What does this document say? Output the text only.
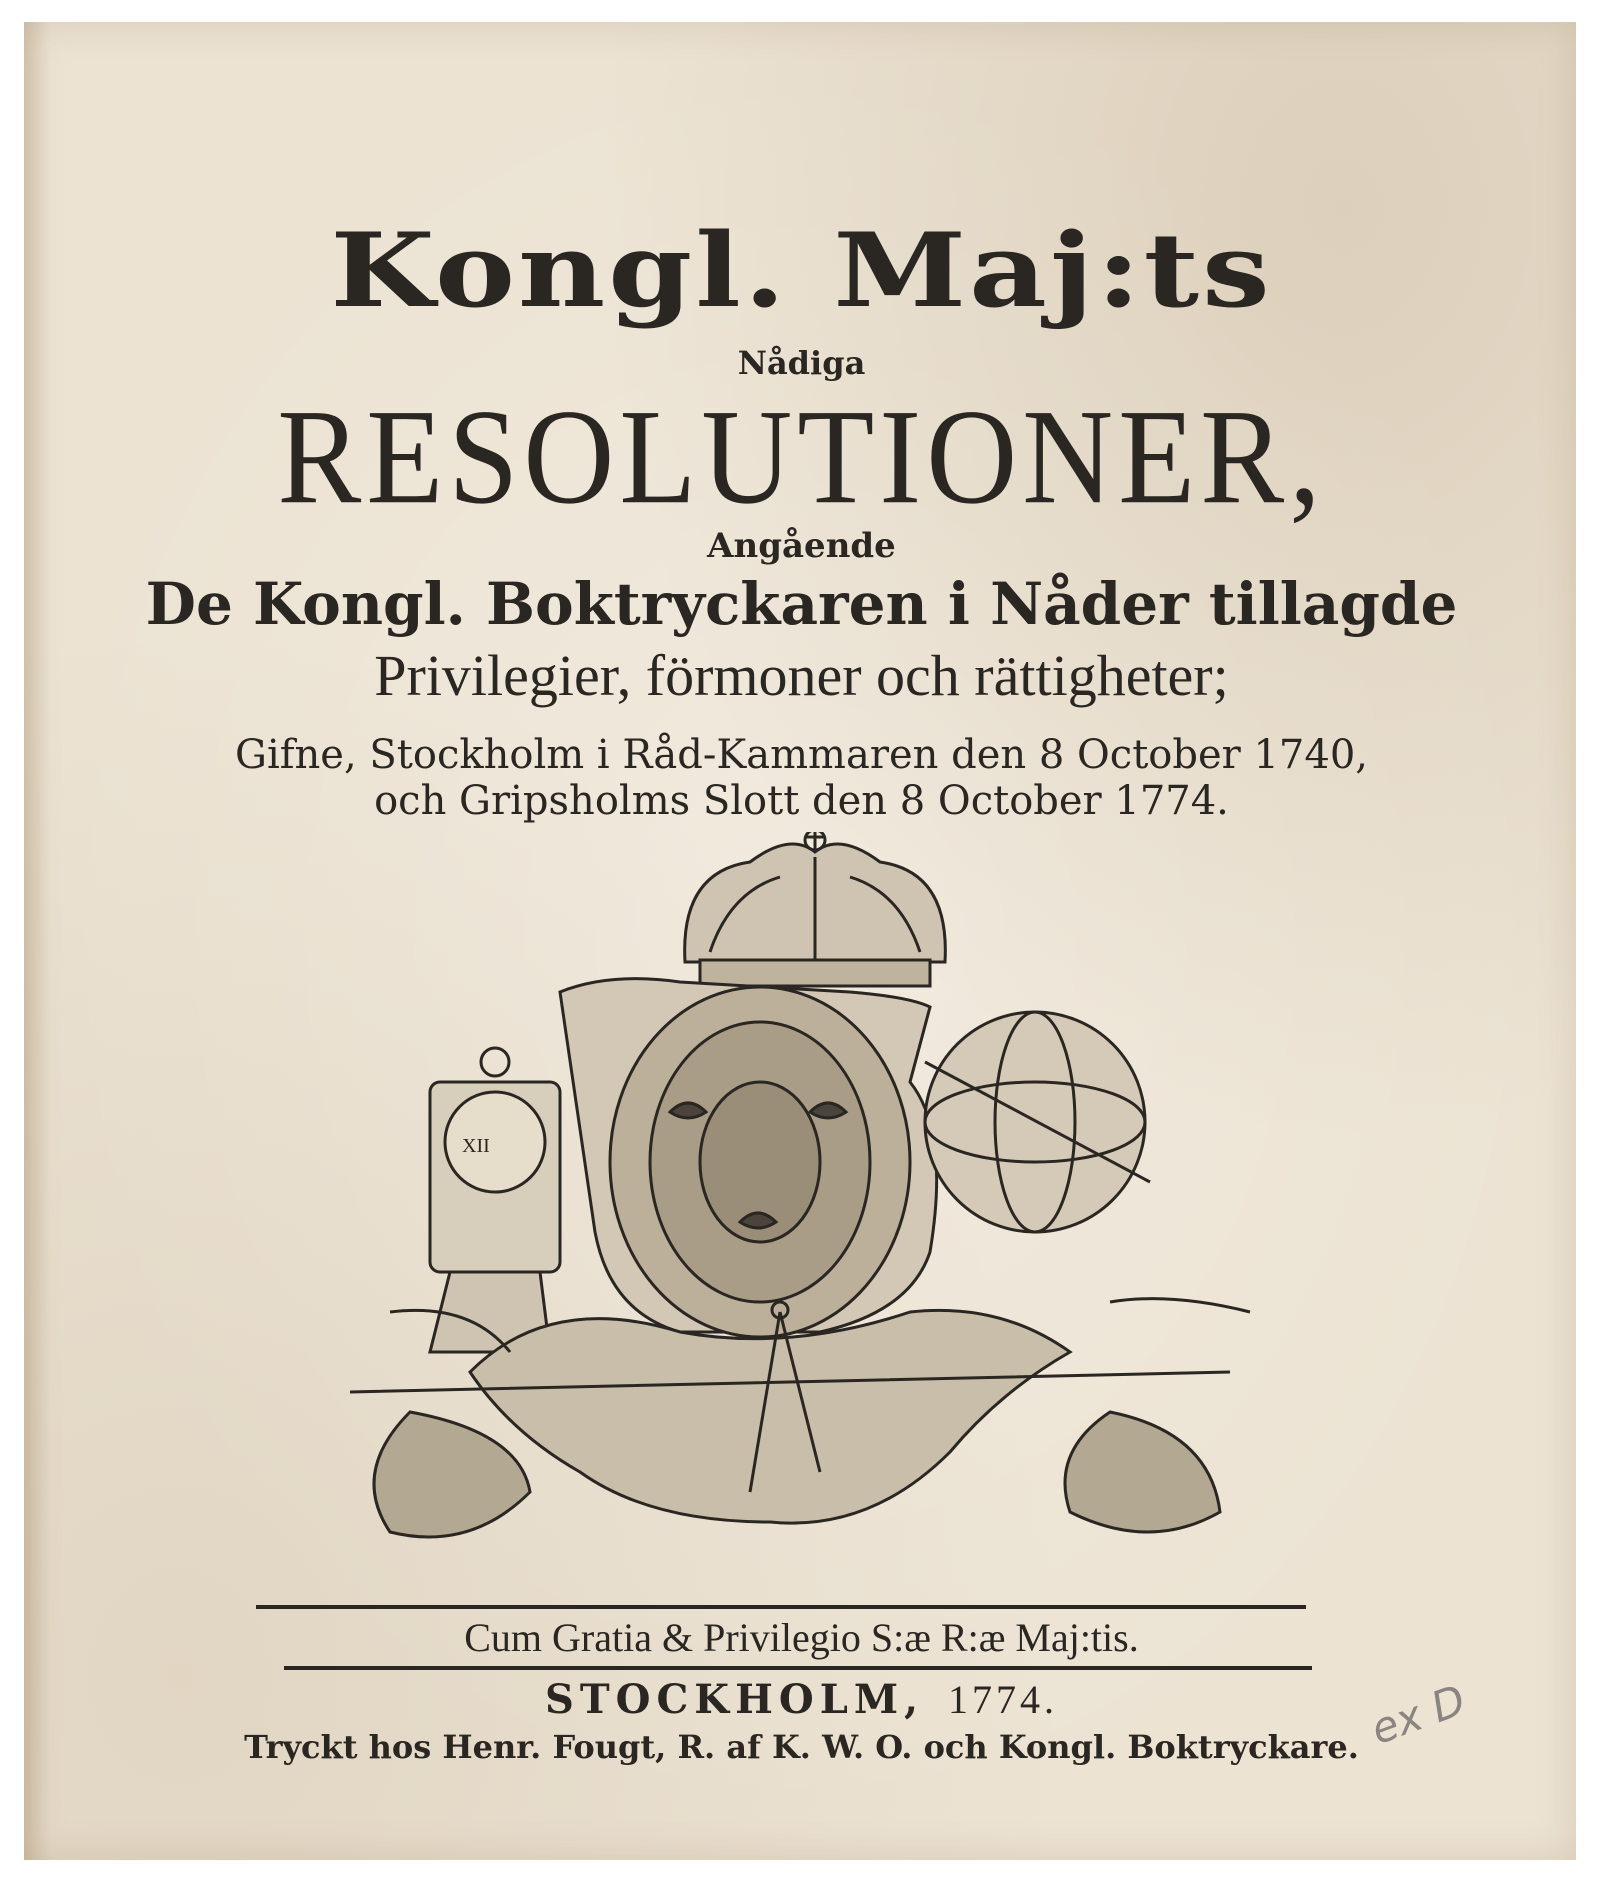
Kongl. Maj:ts
Nådiga
RESOLUTIONER,
Angående
De Kongl. Boktryckaren i Nåder tillagde
Privilegier, förmoner och rättigheter;
Gifne, Stockholm i Råd-Kammaren den 8 October 1740,
och Gripsholms Slott den 8 October 1774.
XII
Cum Gratia & Privilegio S:æ R:æ Maj:tis.
STOCKHOLM, 1774.
Tryckt hos Henr. Fougt, R. af K. W. O. och Kongl. Boktryckare. ex D
